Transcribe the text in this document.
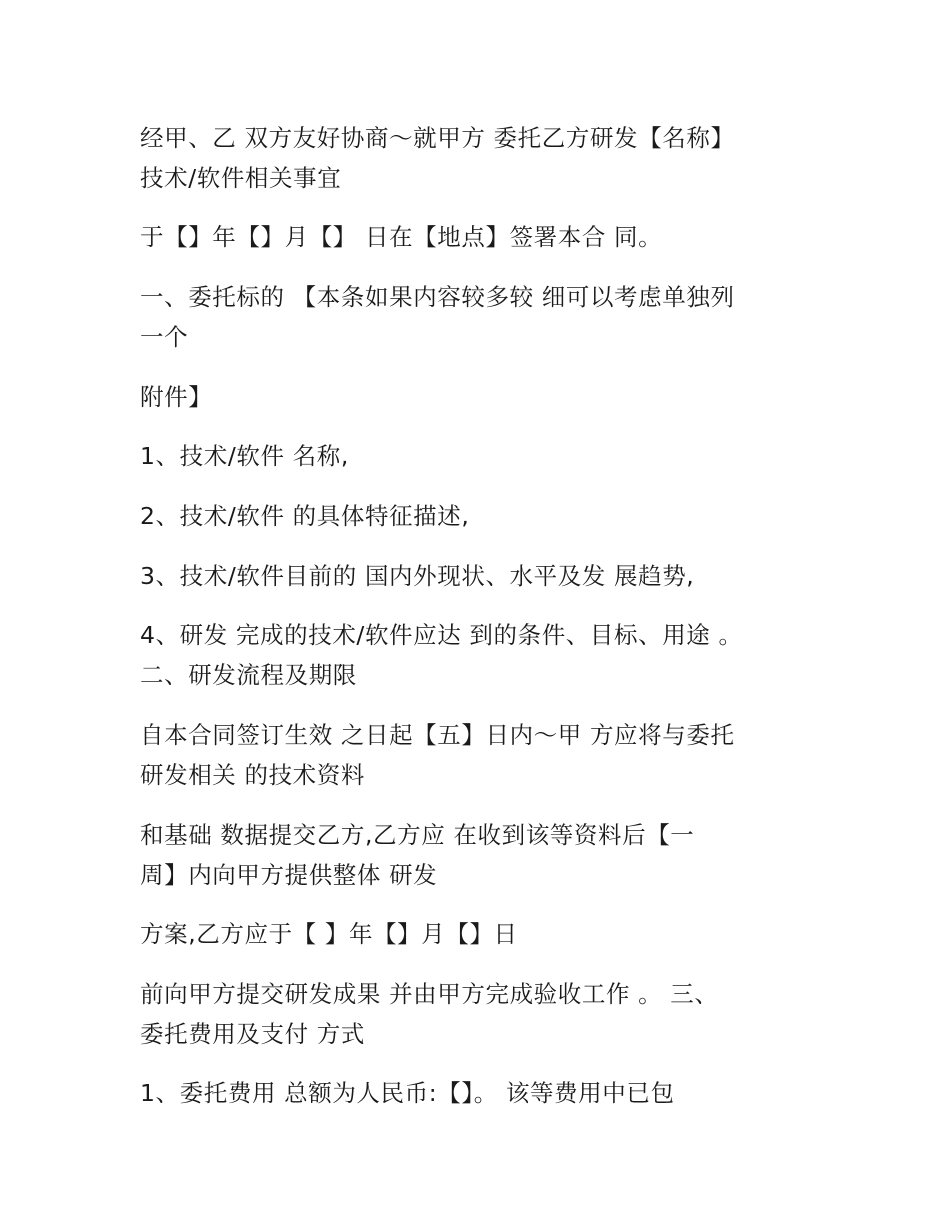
经甲、乙 双方友好协商～就甲方 委托乙方研发【名称】
技术/软件相关事宜

于【】年【】月【】 日在【地点】签署本合 同。

一、委托标的 【本条如果内容较多较 细可以考虑单独列
一个

附件】

1、技术/软件 名称,

2、技术/软件 的具体特征描述,

3、技术/软件目前的 国内外现状、水平及发 展趋势,

4、研发 完成的技术/软件应达 到的条件、目标、用途 。
二、研发流程及期限

自本合同签订生效 之日起【五】日内～甲 方应将与委托
研发相关 的技术资料

和基础 数据提交乙方,乙方应 在收到该等资料后【一
周】内向甲方提供整体 研发

方案,乙方应于【 】年【】月【】日

前向甲方提交研发成果 并由甲方完成验收工作 。 三、
委托费用及支付 方式

1、委托费用 总额为人民币:【】。 该等费用中已包
